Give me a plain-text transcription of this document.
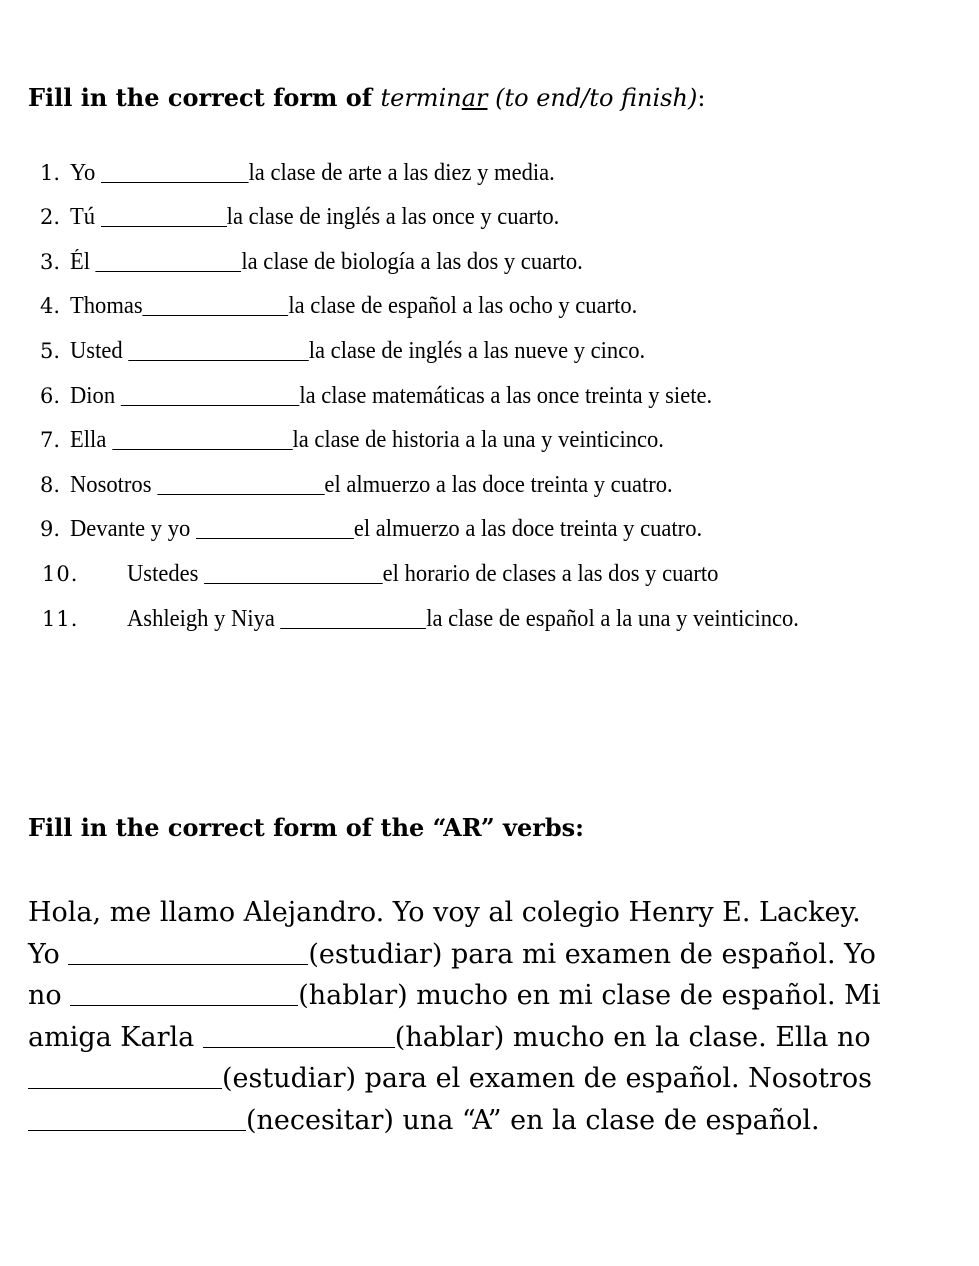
Fill in the correct form of terminar (to end/to finish):
1. Yo	la clase de arte a las diez y media.
2. Tú	la clase de inglés a las once y cuarto.
3. Él	la clase de biología a las dos y cuarto.
4. Thomas	la clase de español a las ocho y cuarto.
5. Usted	la clase de inglés a las nueve y cinco.
6. Dion	la clase matemáticas a las once treinta y siete.
7. Ella	la clase de historia a la una y veinticinco.
8. Nosotros	el almuerzo a las doce treinta y cuatro.
9. Devante y yo	el almuerzo a las doce treinta y cuatro.
10. Ustedes	el horario de clases a las dos y cuarto
11. Ashleigh y Niya	la clase de español a la una y veinticinco.
Fill in the correct form of the “AR” verbs:
Hola, me llamo Alejandro. Yo voy al colegio Henry E. Lackey.
Yo	(estudiar) para mi examen de español. Yo
no	(hablar) mucho en mi clase de español. Mi
amiga Karla	(hablar) mucho en la clase. Ella no
(estudiar) para el examen de español. Nosotros
(necesitar) una “A” en la clase de español.
